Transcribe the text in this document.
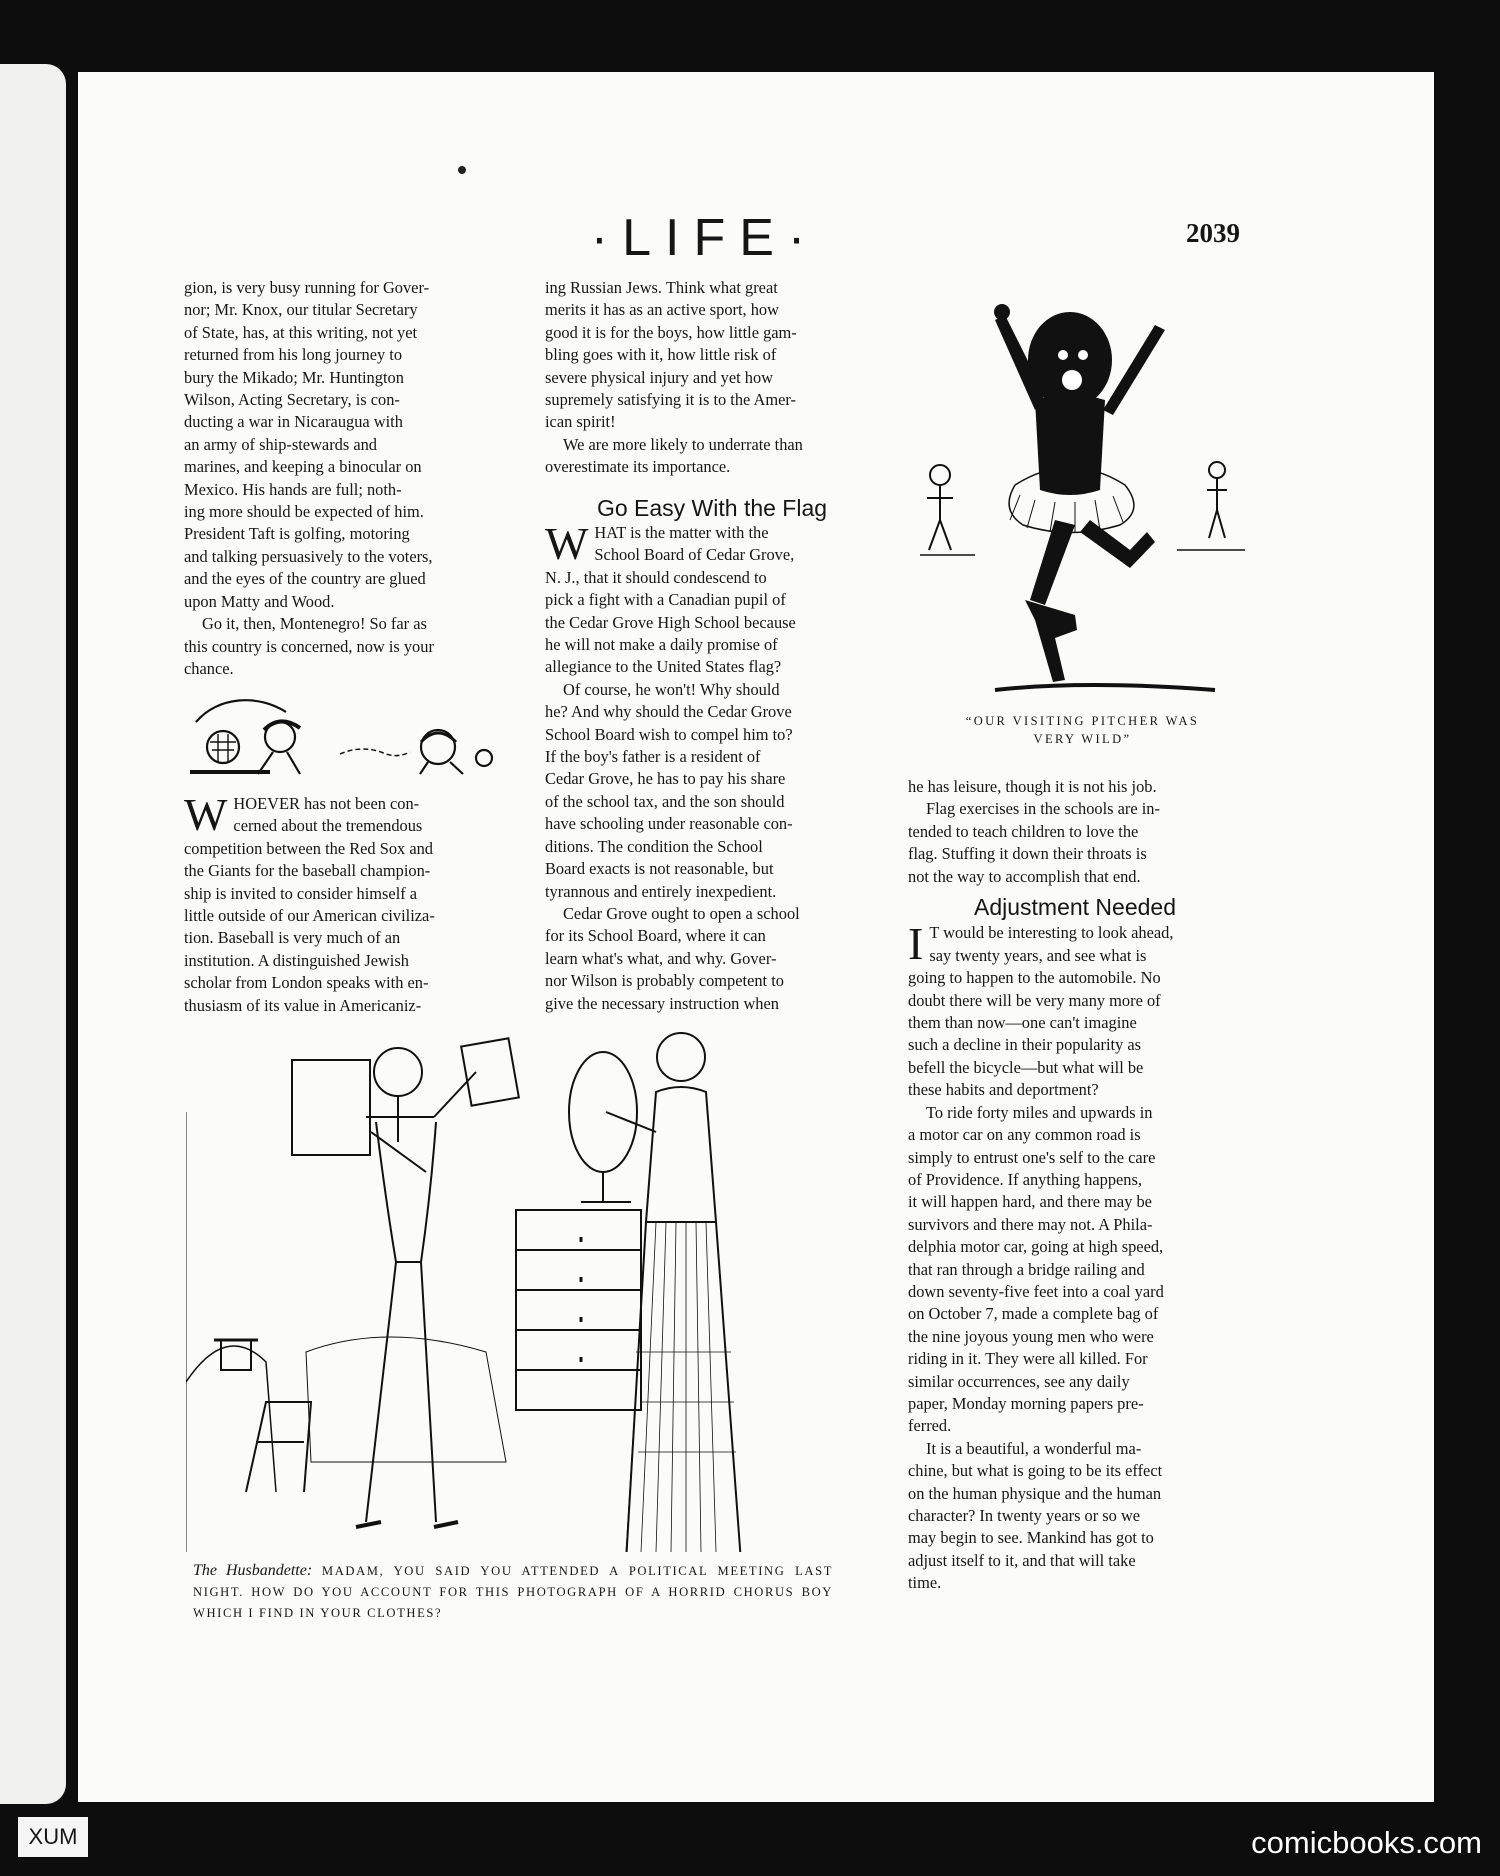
·LIFE·	2039

gion, is very busy running for Gover-
nor; Mr. Knox, our titular Secretary
of State, has, at this writing, not yet
returned from his long journey to
bury the Mikado; Mr. Huntington
Wilson, Acting Secretary, is con-
ducting a war in Nicaraugua with
an army of ship-stewards and
marines, and keeping a binocular on
Mexico. His hands are full; noth-
ing more should be expected of him.
President Taft is golfing, motoring
and talking persuasively to the voters,
and the eyes of the country are glued
upon Matty and Wood.

Go it, then, Montenegro! So far as
this country is concerned, now is your
chance.

W HOEVER has not been con-
cerned about the tremendous
competition between the Red Sox and
the Giants for the baseball champion-
ship is invited to consider himself a
little outside of our American civiliza-
tion. Baseball is very much of an
institution. A distinguished Jewish
scholar from London speaks with en-
thusiasm of its value in Americaniz-

ing Russian Jews. Think what great
merits it has as an active sport, how
good it is for the boys, how little gam-
bling goes with it, how little risk of
severe physical injury and yet how
supremely satisfying it is to the Amer-
ican spirit!

We are more likely to underrate than
overestimate its importance.

Go Easy With the Flag
W HAT is the matter with the
School Board of Cedar Grove,
N. J., that it should condescend to
pick a fight with a Canadian pupil of
the Cedar Grove High School because
he will not make a daily promise of
allegiance to the United States flag?

Of course, he won't! Why should
he? And why should the Cedar Grove
School Board wish to compel him to?
If the boy's father is a resident of
Cedar Grove, he has to pay his share
of the school tax, and the son should
have schooling under reasonable con-
ditions. The condition the School
Board exacts is not reasonable, but
tyrannous and entirely inexpedient.

Cedar Grove ought to open a school
for its School Board, where it can
learn what's what, and why. Gover-
nor Wilson is probably competent to
give the necessary instruction when

“OUR VISITING PITCHER WAS
VERY WILD”

he has leisure, though it is not his job.

Flag exercises in the schools are in-
tended to teach children to love the
flag. Stuffing it down their throats is
not the way to accomplish that end.

Adjustment Needed
I T would be interesting to look ahead,
say twenty years, and see what is
going to happen to the automobile. No
doubt there will be very many more of
them than now—one can't imagine
such a decline in their popularity as
befell the bicycle—but what will be
these habits and deportment?

To ride forty miles and upwards in
a motor car on any common road is
simply to entrust one's self to the care
of Providence. If anything happens,
it will happen hard, and there may be
survivors and there may not. A Phila-
delphia motor car, going at high speed,
that ran through a bridge railing and
down seventy-five feet into a coal yard
on October 7, made a complete bag of
the nine joyous young men who were
riding in it. They were all killed. For
similar occurrences, see any daily
paper, Monday morning papers pre-
ferred.

It is a beautiful, a wonderful ma-
chine, but what is going to be its effect
on the human physique and the human
character? In twenty years or so we
may begin to see. Mankind has got to
adjust itself to it, and that will take
time.

The Husbandette: MADAM, YOU SAID YOU ATTENDED A POLITICAL MEETING LAST NIGHT. HOW DO YOU ACCOUNT FOR THIS PHOTOGRAPH OF A HORRID CHORUS BOY WHICH I FIND IN YOUR CLOTHES?
XUM	comicbooks.com
